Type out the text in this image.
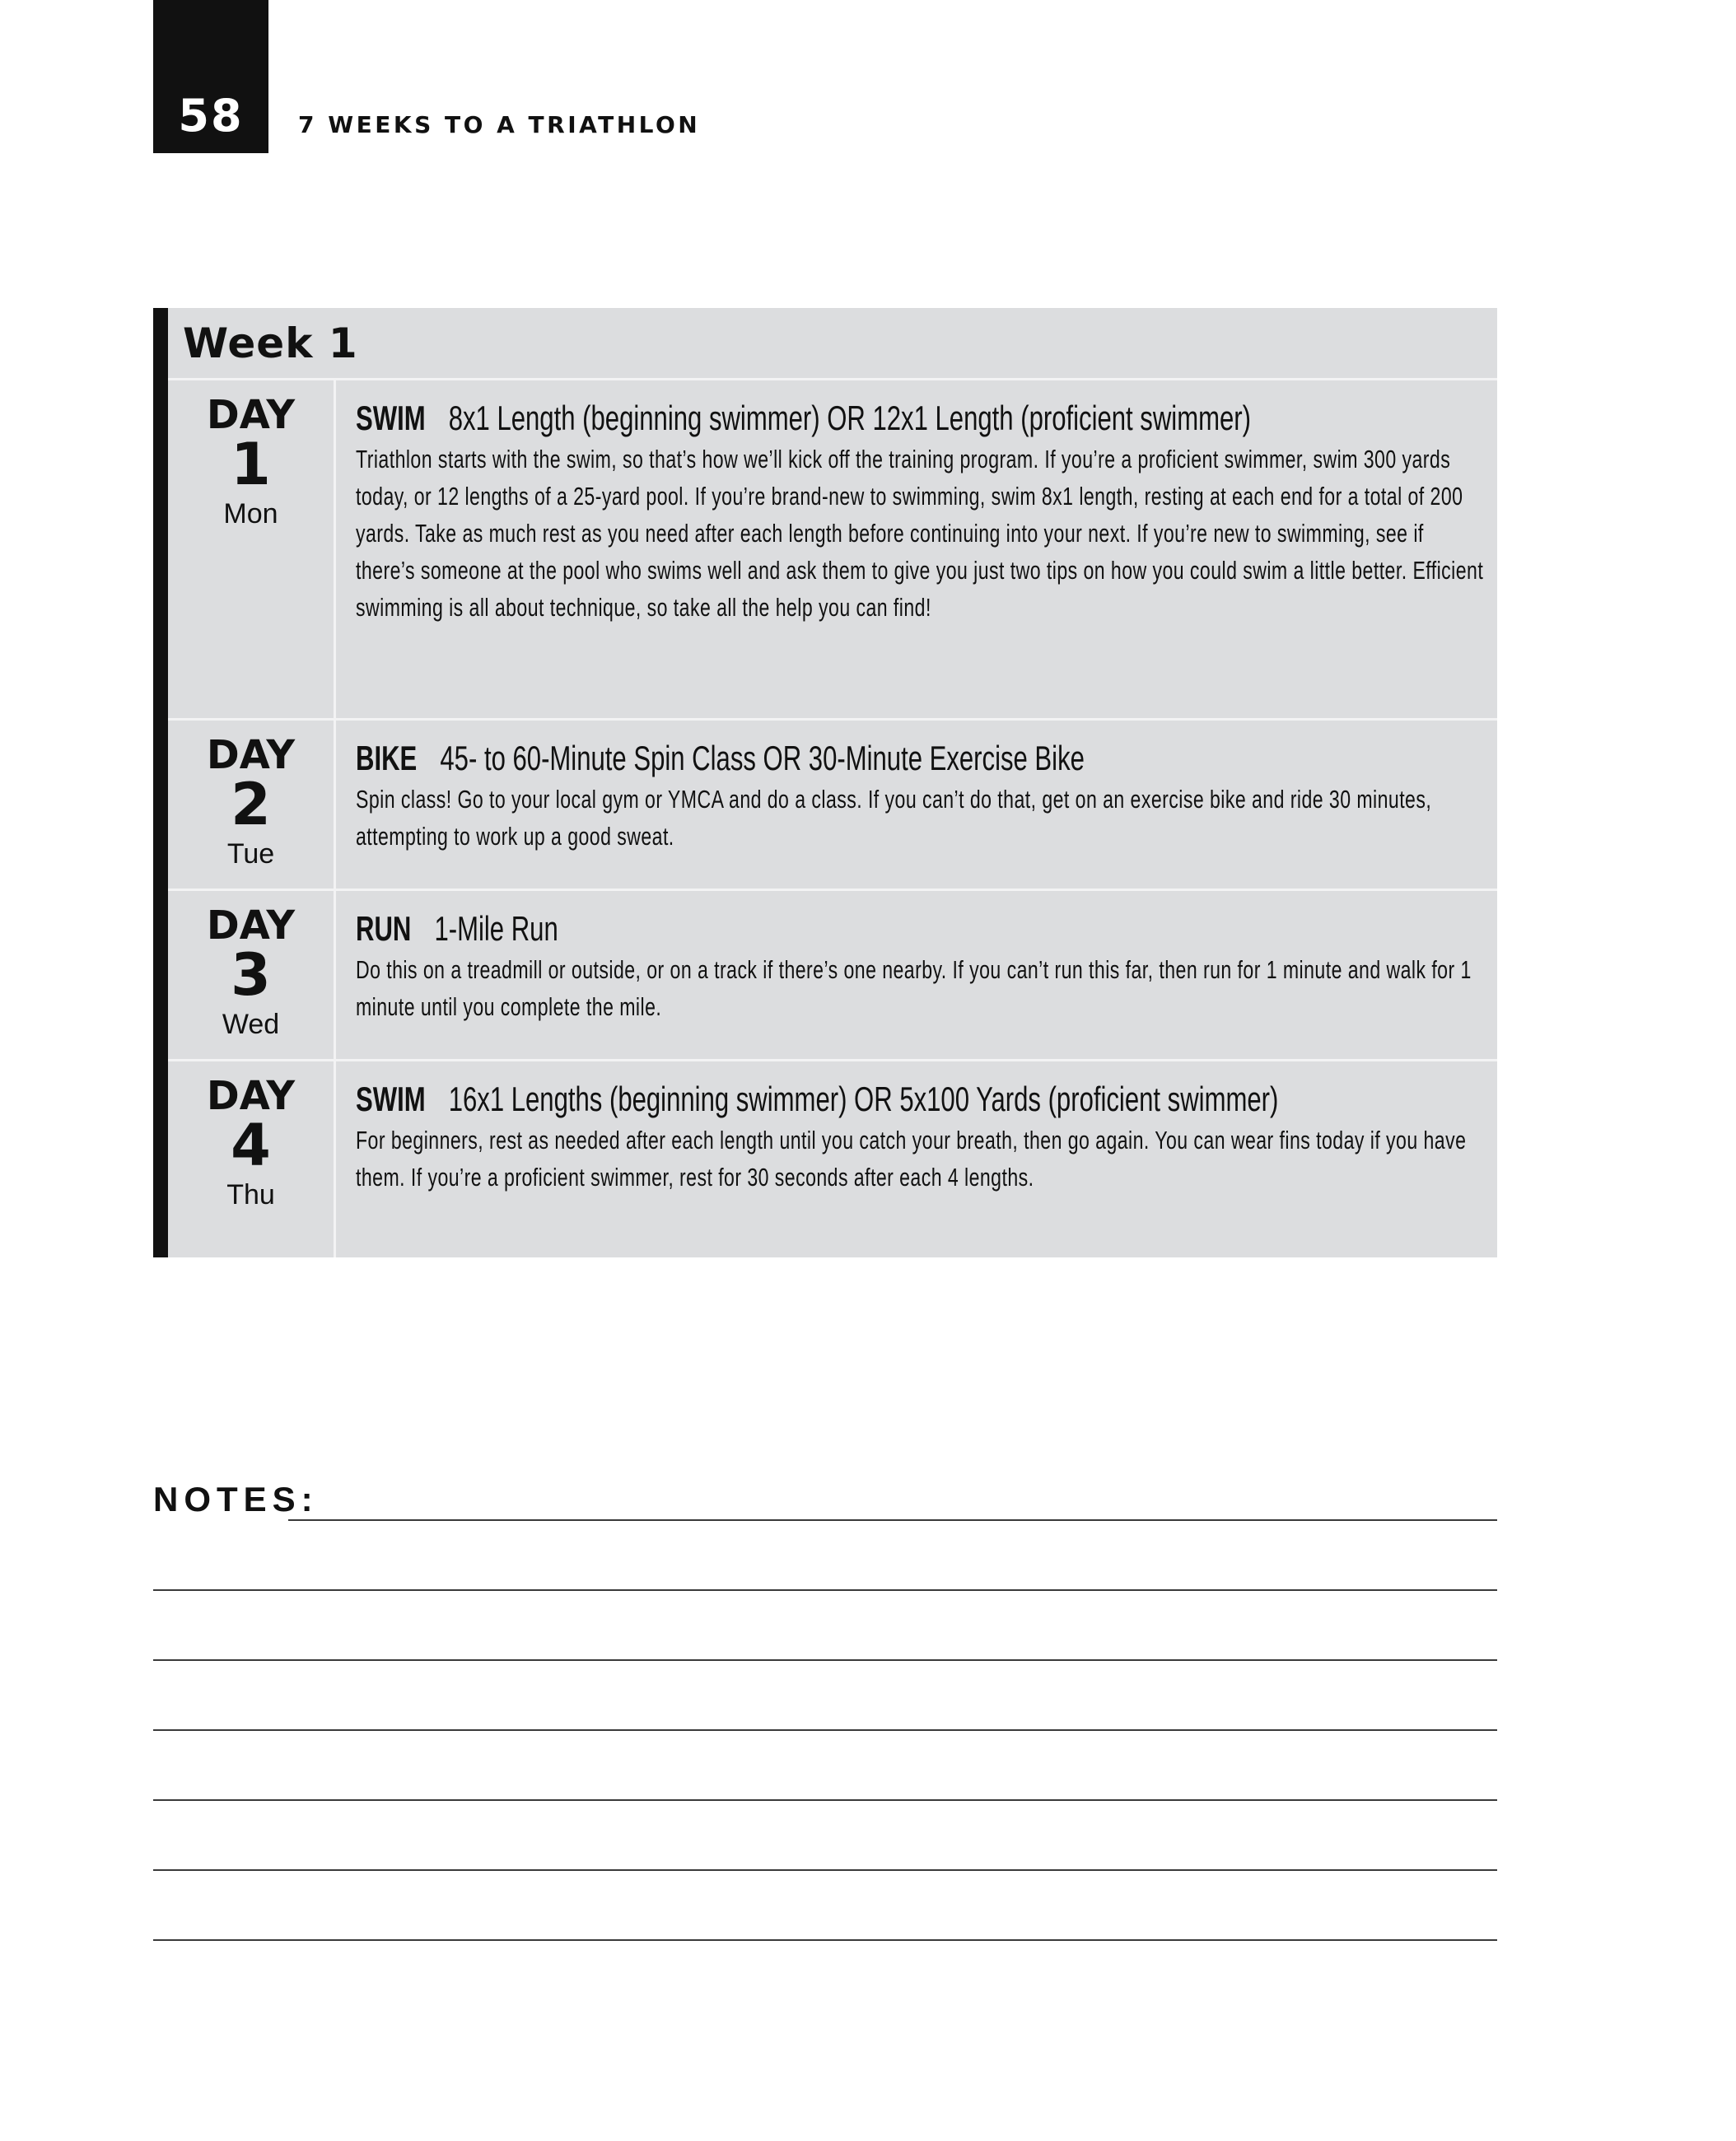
58	7 WEEKS TO A TRIATHLON
Week 1
DAY
1
Mon
SWIM 8x1 Length (beginning swimmer) OR 12x1 Length (proficient swimmer)
Triathlon starts with the swim, so that’s how we’ll kick off the training program. If you’re a proficient swimmer, swim 300 yards today, or 12 lengths of a 25-yard pool. If you’re brand-new to swimming, swim 8x1 length, resting at each end for a total of 200 yards. Take as much rest as you need after each length before continuing into your next. If you’re new to swimming, see if there’s someone at the pool who swims well and ask them to give you just two tips on how you could swim a little better. Efficient swimming is all about technique, so take all the help you can find!
DAY
2
Tue
BIKE 45- to 60-Minute Spin Class OR 30-Minute Exercise Bike
Spin class! Go to your local gym or YMCA and do a class. If you can’t do that, get on an exercise bike and ride 30 minutes, attempting to work up a good sweat.
DAY
3
Wed
RUN 1-Mile Run
Do this on a treadmill or outside, or on a track if there’s one nearby. If you can’t run this far, then run for 1 minute and walk for 1 minute until you complete the mile.
DAY
4
Thu
SWIM 16x1 Lengths (beginning swimmer) OR 5x100 Yards (proficient swimmer)
For beginners, rest as needed after each length until you catch your breath, then go again. You can wear fins today if you have them. If you’re a proficient swimmer, rest for 30 seconds after each 4 lengths.
NOTES:
